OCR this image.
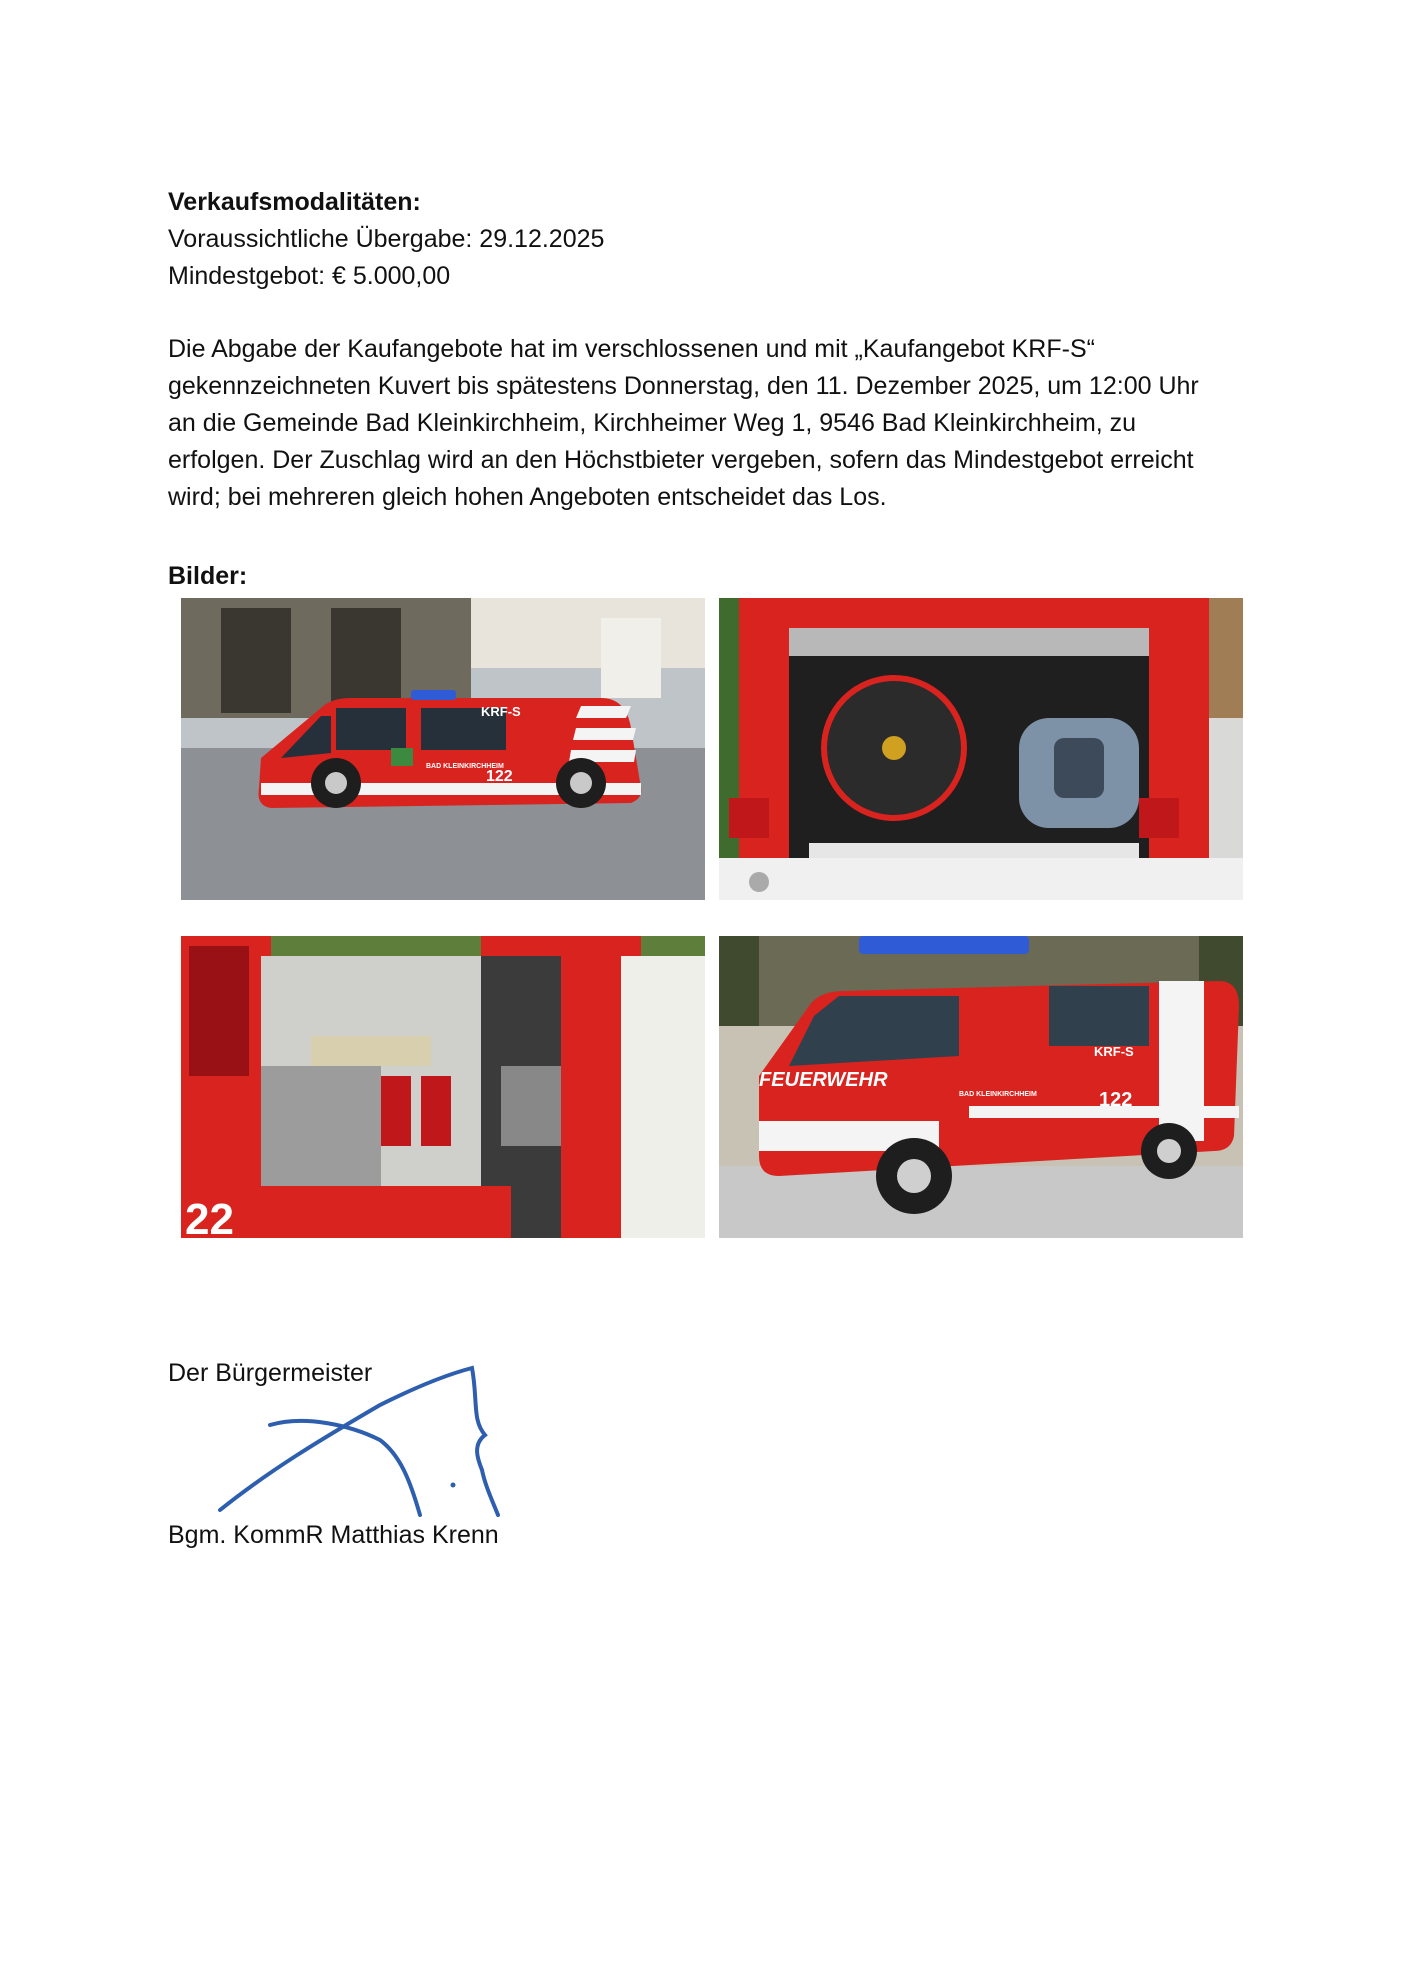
Verkaufsmodalitäten:
Voraussichtliche Übergabe: 29.12.2025
Mindestgebot: € 5.000,00
Die Abgabe der Kaufangebote hat im verschlossenen und mit „Kaufangebot KRF-S“
gekennzeichneten Kuvert bis spätestens Donnerstag, den 11. Dezember 2025, um 12:00 Uhr
an die Gemeinde Bad Kleinkirchheim, Kirchheimer Weg 1, 9546 Bad Kleinkirchheim, zu
erfolgen. Der Zuschlag wird an den Höchstbieter vergeben, sofern das Mindestgebot erreicht
wird; bei mehreren gleich hohen Angeboten entscheidet das Los.
Bilder:
KRF-S
BAD KLEINKIRCHHEIM
122
22
FEUERWEHR
KRF-S
BAD KLEINKIRCHHEIM	122
Der Bürgermeister
Bgm. KommR Matthias Krenn
